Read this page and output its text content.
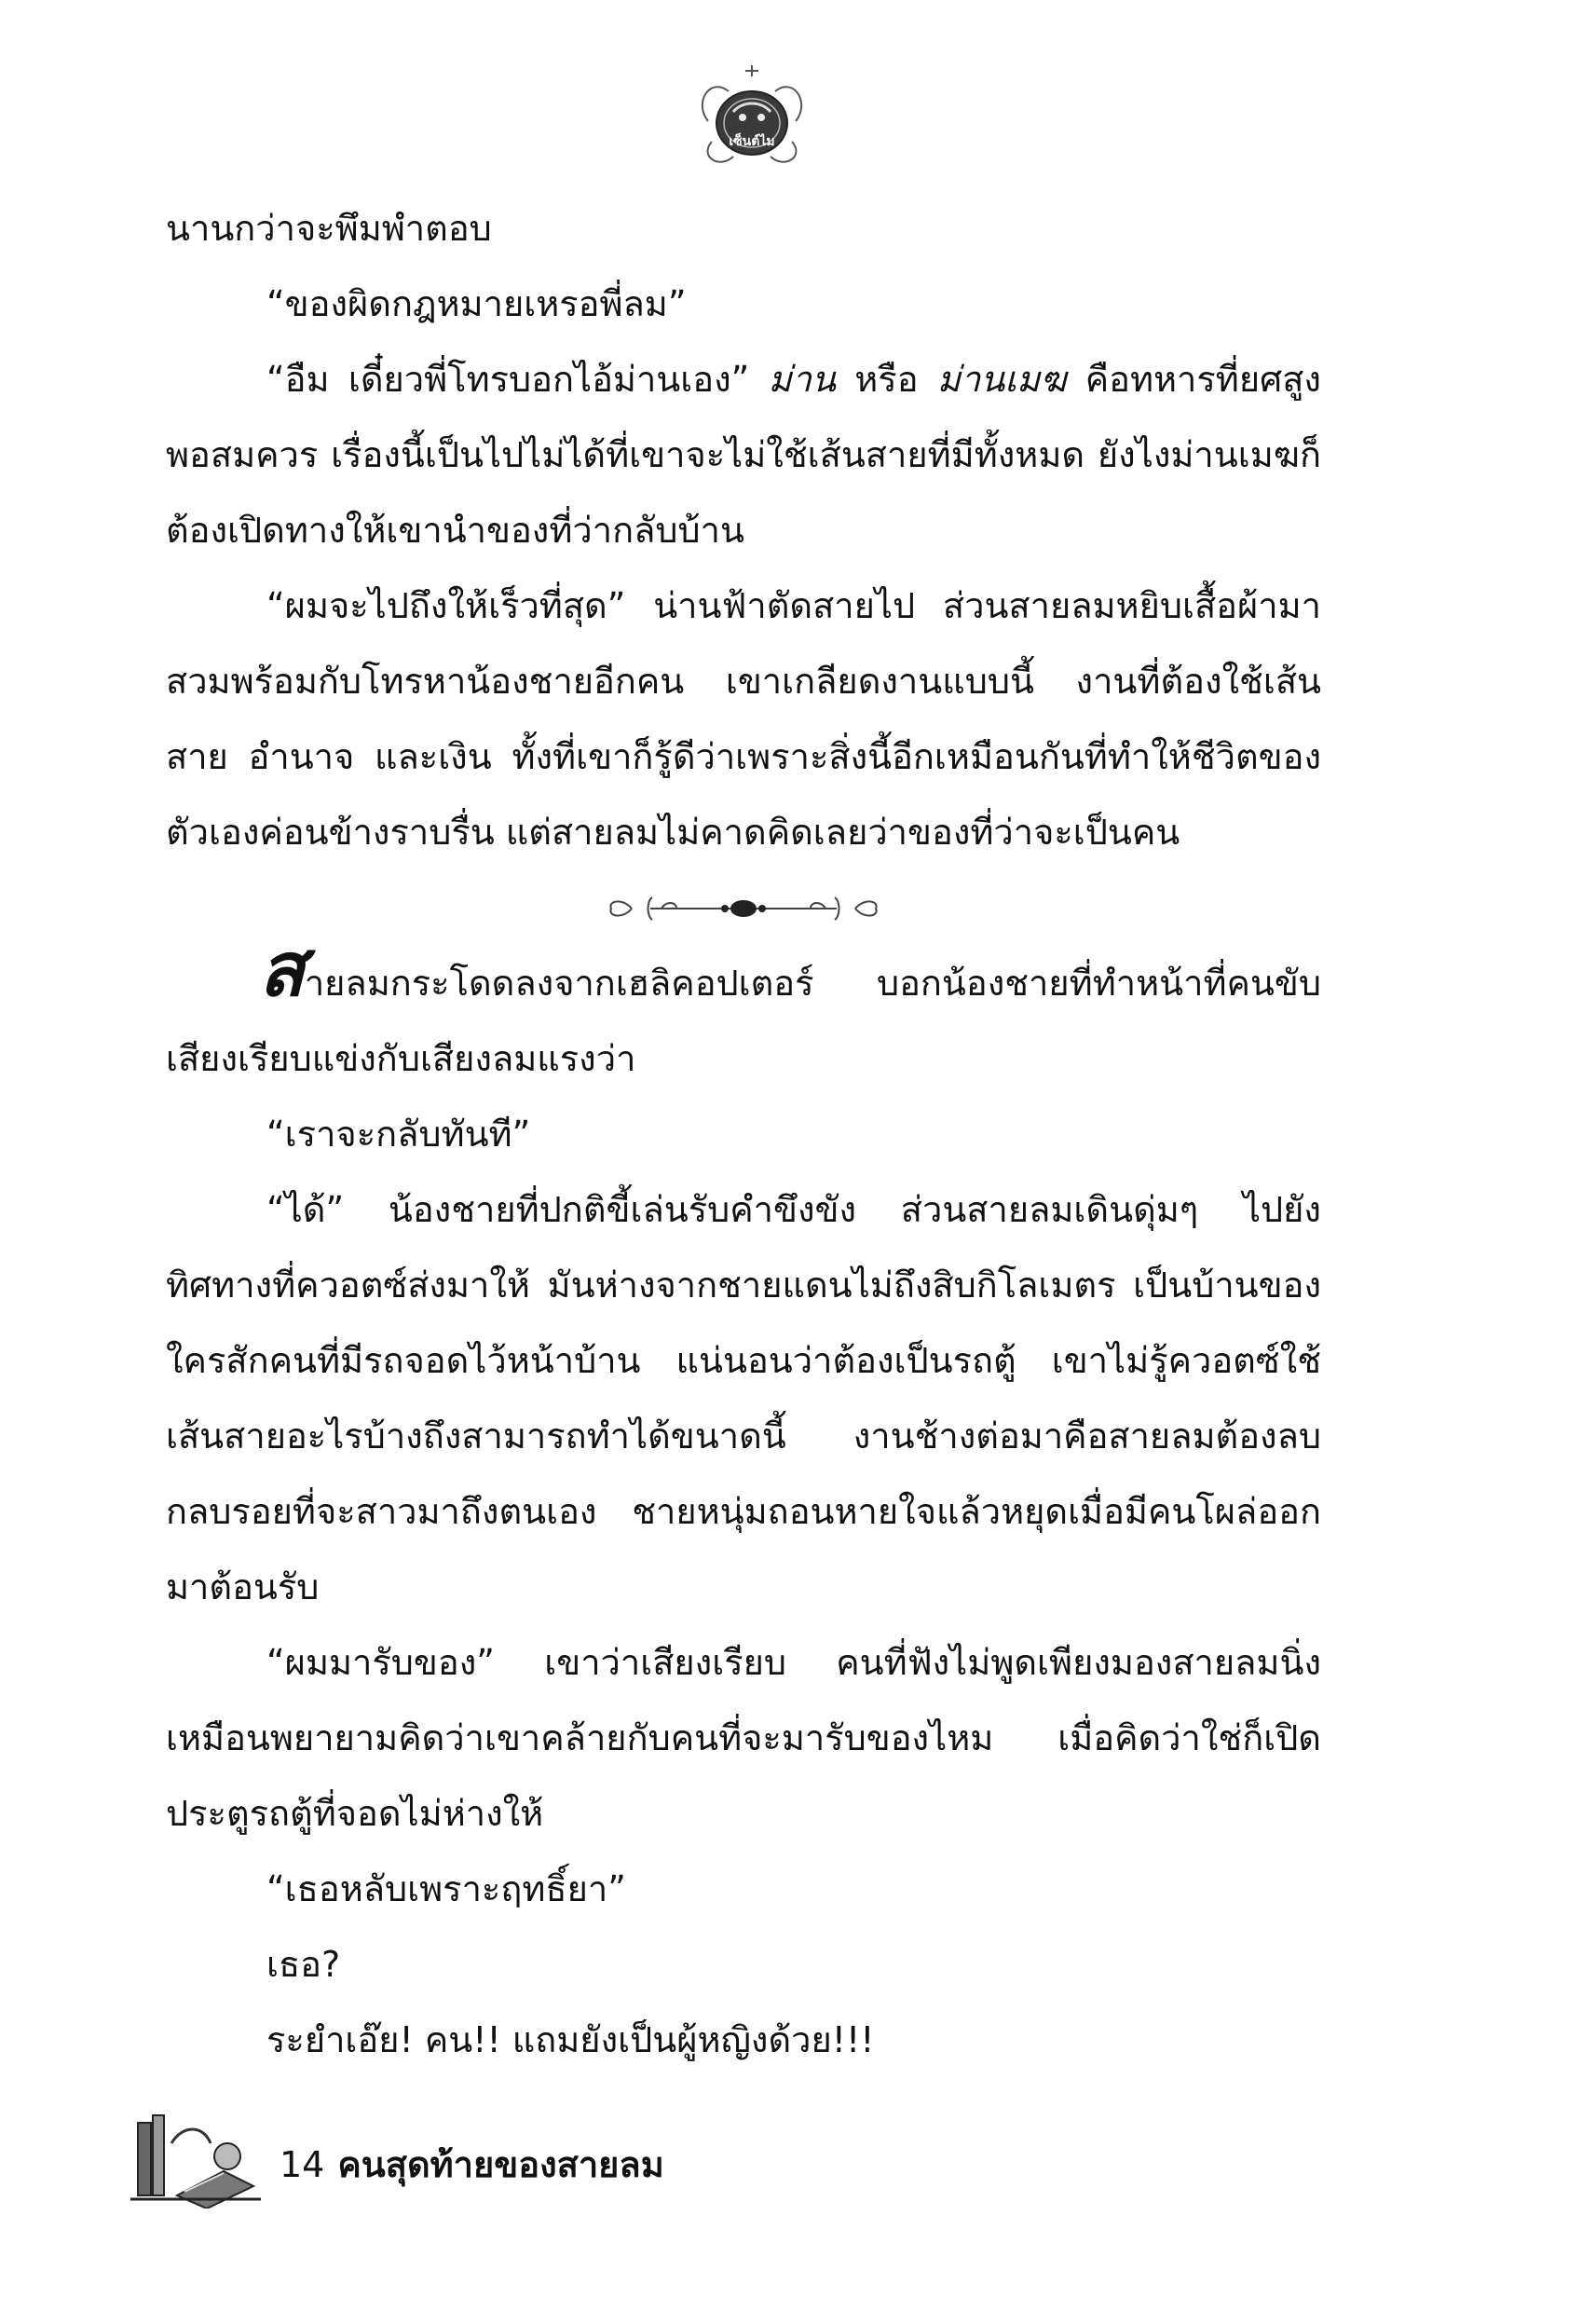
เซ็นต์ไม

นานกว่าจะพึมพำตอบ

“ของผิดกฎหมายเหรอพี่ลม”

“อืม เดี๋ยวพี่โทรบอกไอ้ม่านเอง” ม่าน หรือ ม่านเมฆ คือทหารที่ยศสูงพอสมควร เรื่องนี้เป็นไปไม่ได้ที่เขาจะไม่ใช้เส้นสายที่มีทั้งหมด ยังไงม่านเมฆก็ต้องเปิดทางให้เขานำของที่ว่ากลับบ้าน

“ผมจะไปถึงให้เร็วที่สุด” น่านฟ้าตัดสายไป ส่วนสายลมหยิบเสื้อผ้ามาสวมพร้อมกับโทรหาน้องชายอีกคน เขาเกลียดงานแบบนี้ งานที่ต้องใช้เส้นสาย อำนาจ และเงิน ทั้งที่เขาก็รู้ดีว่าเพราะสิ่งนี้อีกเหมือนกันที่ทำให้ชีวิตของตัวเองค่อนข้างราบรื่น แต่สายลมไม่คาดคิดเลยว่าของที่ว่าจะเป็นคน

สายลมกระโดดลงจากเฮลิคอปเตอร์ บอกน้องชายที่ทำหน้าที่คนขับเสียงเรียบแข่งกับเสียงลมแรงว่า

“เราจะกลับทันที”

“ได้” น้องชายที่ปกติขี้เล่นรับคำขึงขัง ส่วนสายลมเดินดุ่มๆ ไปยังทิศทางที่ควอตซ์ส่งมาให้ มันห่างจากชายแดนไม่ถึงสิบกิโลเมตร เป็นบ้านของใครสักคนที่มีรถจอดไว้หน้าบ้าน แน่นอนว่าต้องเป็นรถตู้ เขาไม่รู้ควอตซ์ใช้เส้นสายอะไรบ้างถึงสามารถทำได้ขนาดนี้ งานช้างต่อมาคือสายลมต้องลบกลบรอยที่จะสาวมาถึงตนเอง ชายหนุ่มถอนหายใจแล้วหยุดเมื่อมีคนโผล่ออกมาต้อนรับ

“ผมมารับของ” เขาว่าเสียงเรียบ คนที่ฟังไม่พูดเพียงมองสายลมนิ่งเหมือนพยายามคิดว่าเขาคล้ายกับคนที่จะมารับของไหม เมื่อคิดว่าใช่ก็เปิดประตูรถตู้ที่จอดไม่ห่างให้

“เธอหลับเพราะฤทธิ์ยา”

เธอ?

ระยำเอ๊ย! คน!! แถมยังเป็นผู้หญิงด้วย!!!

14 คนสุดท้ายของสายลม
